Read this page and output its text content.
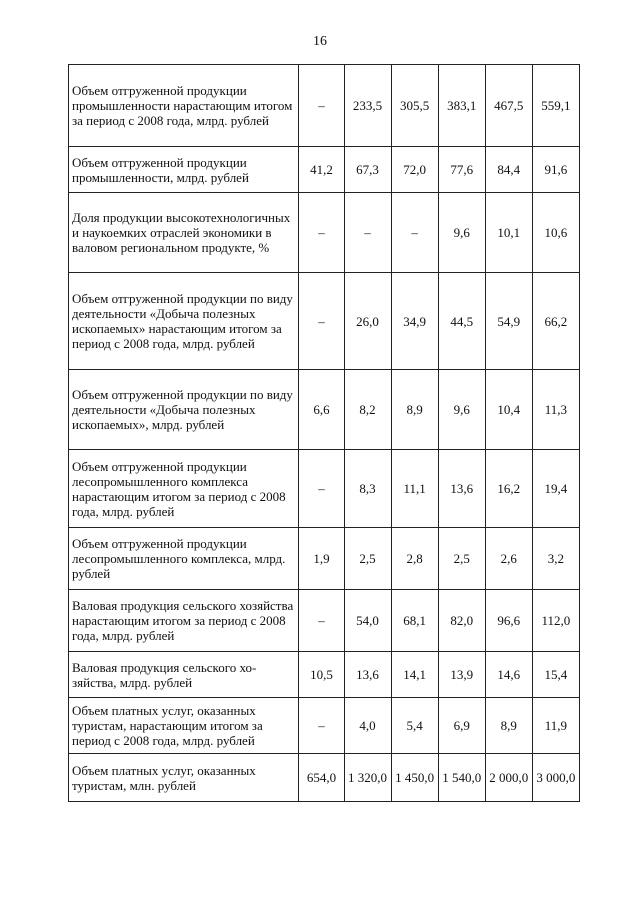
16
Объем отгруженной продукции промышленности нарастающим итогом за период с 2008 года, млрд. рублей	–	233,5	305,5	383,1	467,5	559,1
Объем отгруженной продукции промышленности, млрд. рублей	41,2	67,3	72,0	77,6	84,4	91,6
Доля продукции высокотехнологичных и наукоемких отраслей экономики в валовом региональном продукте, %	–	–	–	9,6	10,1	10,6
Объем отгруженной продукции по виду деятельности «Добыча полезных ископаемых» нарастающим итогом за период с 2008 года, млрд. рублей	–	26,0	34,9	44,5	54,9	66,2
Объем отгруженной продукции по виду деятельности «Добыча полезных ископаемых», млрд. рублей	6,6	8,2	8,9	9,6	10,4	11,3
Объем отгруженной продукции лесопромышленного комплекса нарастающим итогом за период с 2008 года, млрд. рублей	–	8,3	11,1	13,6	16,2	19,4
Объем отгруженной продукции лесопромышленного комплекса, млрд. рублей	1,9	2,5	2,8	2,5	2,6	3,2
Валовая продукция сельского хозяйства нарастающим итогом за период с 2008 года, млрд. рублей	–	54,0	68,1	82,0	96,6	112,0
Валовая продукция сельского хозяйства, млрд. рублей	10,5	13,6	14,1	13,9	14,6	15,4
Объем платных услуг, оказанных туристам, нарастающим итогом за период с 2008 года, млрд. рублей	–	4,0	5,4	6,9	8,9	11,9
Объем платных услуг, оказанных туристам, млн. рублей	654,0	1 320,0	1 450,0	1 540,0	2 000,0	3 000,0
